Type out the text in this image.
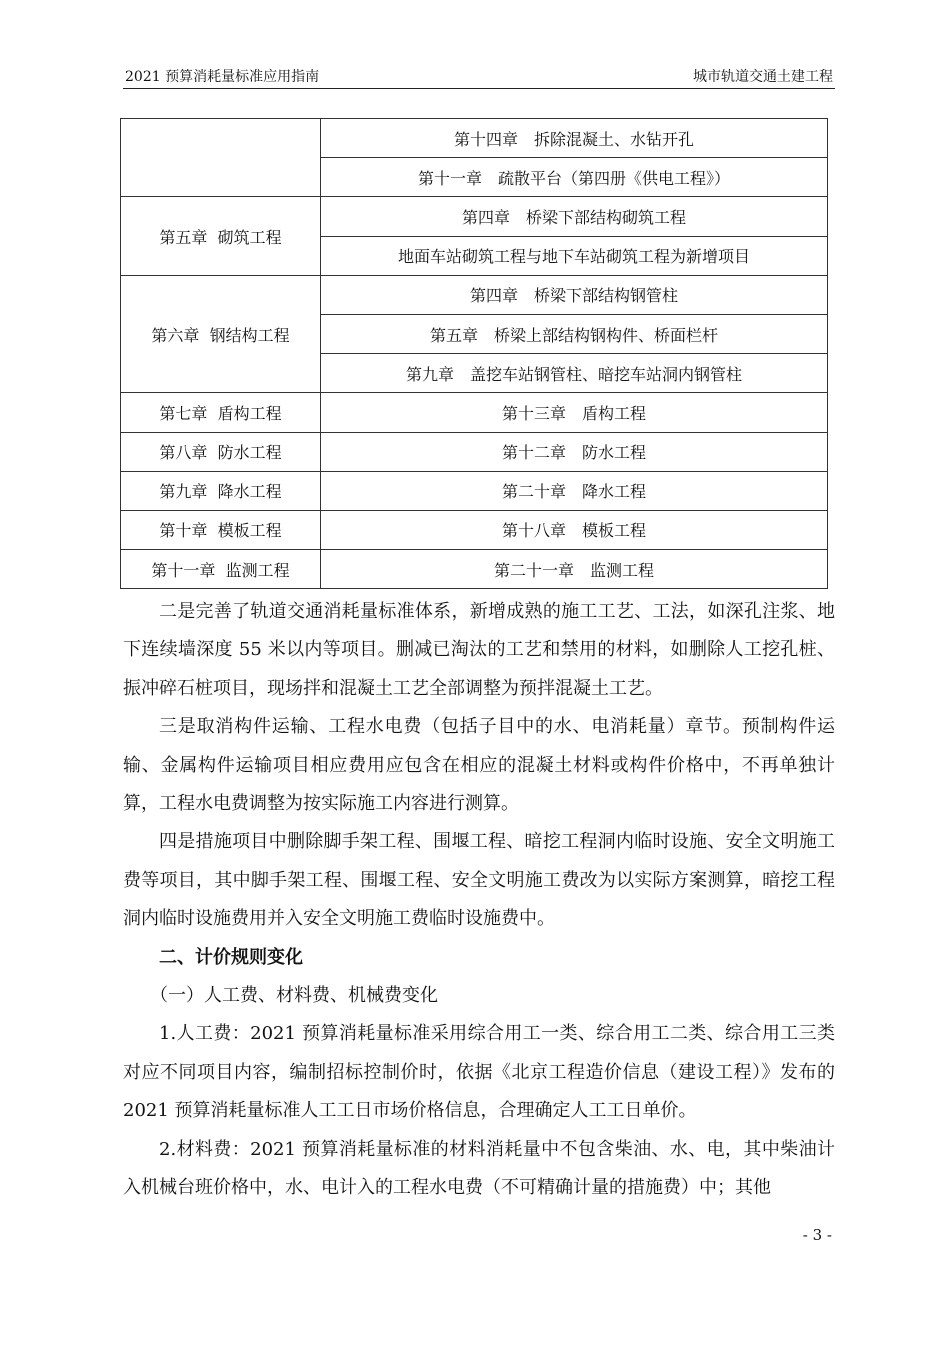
2021 预算消耗量标准应用指南	城市轨道交通土建工程
	第十四章　拆除混凝土、水钻开孔
	第十一章　疏散平台（第四册《供电工程》）
第五章  砌筑工程	第四章　桥梁下部结构砌筑工程
	地面车站砌筑工程与地下车站砌筑工程为新增项目
第六章  钢结构工程	第四章　桥梁下部结构钢管柱
	第五章　桥梁上部结构钢构件、桥面栏杆
	第九章　盖挖车站钢管柱、暗挖车站洞内钢管柱
第七章  盾构工程	第十三章　盾构工程
第八章  防水工程	第十二章　防水工程
第九章  降水工程	第二十章　降水工程
第十章  模板工程	第十八章　模板工程
第十一章  监测工程	第二十一章　监测工程

二是完善了轨道交通消耗量标准体系，新增成熟的施工工艺、工法，如深孔注浆、地下连续墙深度 55 米以内等项目。删减已淘汰的工艺和禁用的材料，如删除人工挖孔桩、振冲碎石桩项目，现场拌和混凝土工艺全部调整为预拌混凝土工艺。

三是取消构件运输、工程水电费（包括子目中的水、电消耗量）章节。预制构件运输、金属构件运输项目相应费用应包含在相应的混凝土材料或构件价格中，不再单独计算，工程水电费调整为按实际施工内容进行测算。

四是措施项目中删除脚手架工程、围堰工程、暗挖工程洞内临时设施、安全文明施工费等项目，其中脚手架工程、围堰工程、安全文明施工费改为以实际方案测算，暗挖工程洞内临时设施费用并入安全文明施工费临时设施费中。

二、计价规则变化

（一）人工费、材料费、机械费变化

1.人工费：2021 预算消耗量标准采用综合用工一类、综合用工二类、综合用工三类对应不同项目内容，编制招标控制价时，依据《北京工程造价信息（建设工程）》发布的 2021 预算消耗量标准人工工日市场价格信息，合理确定人工工日单价。

2.材料费：2021 预算消耗量标准的材料消耗量中不包含柴油、水、电，其中柴油计入机械台班价格中，水、电计入的工程水电费（不可精确计量的措施费）中；其他

- 3 -
